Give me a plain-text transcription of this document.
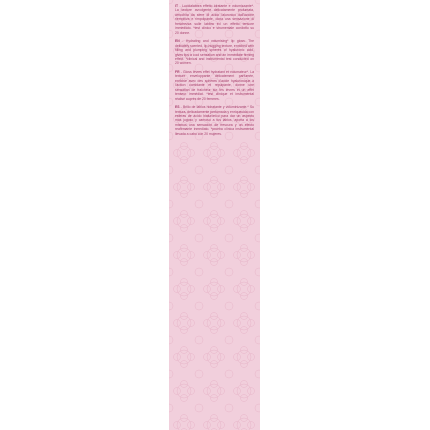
IT - Lucidalabbra effetto idratante e volumizzante*. La texture avvolgente delicatamente profumata, arricchita da sfere di acido ialuronico dall'azione riempitiva e rimpolpante, dona una sensazione di freschezza sulle labbra ed un effetto tensore immediato. *test clinico e strumentale condotto su 20 donne.

EN - Hydrating and volumising* lip gloss. The delicately scented, lip-hugging texture, enriched with filling and plumping spheres of hyaluronic acid, gives lips a cool sensation and an immediate firming effect. *clinical and instrumental test conducted on 20 women.

FR - Gloss lèvres effet hydratant et volumateur*. La texture enveloppante délicatement parfumée, enrichie avec des sphères d'acide hyaluronique à l'action comblante et repulpante, donne une sensation de fraîcheur sur les lèvres et un effet tenseur immédiat. *test clinique et instrumental réalisé auprès de 20 femmes.

ES - Brillo de labios hidratante y voluminizante.* Su textura, delicadamente perfumada y enriquecida con esferas de ácido hialurónico para dar un aspecto más jugoso y carnoso a tus labios, aporta a los mismos una sensación de frescura y un efecto reafirmante inmediato. *prueba clínica instrumental llevada a cabo con 20 mujeres.
